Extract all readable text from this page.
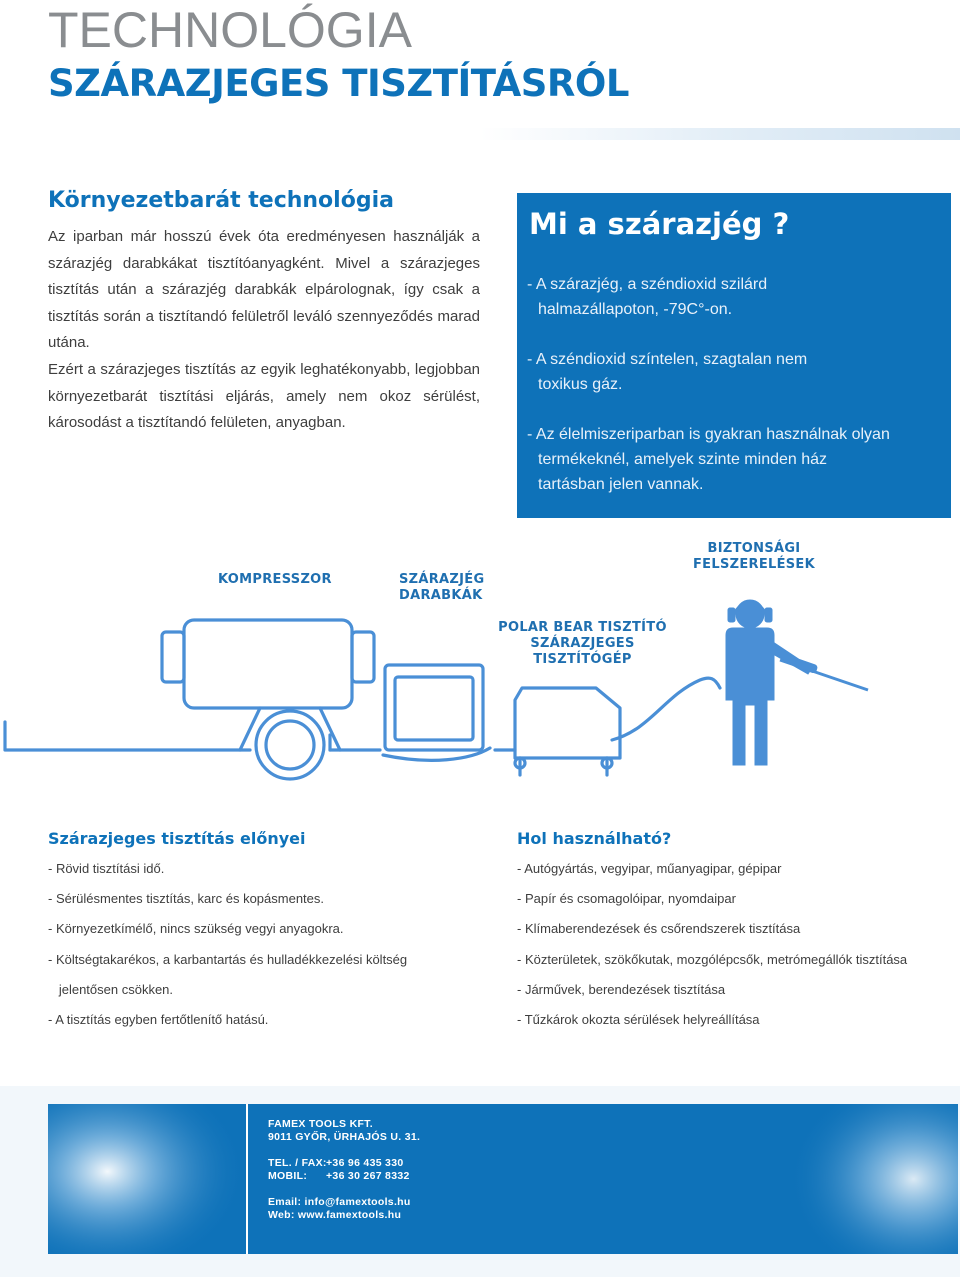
TECHNOLÓGIA
SZÁRAZJEGES TISZTÍTÁSRÓL
Környezetbarát technológia
Az iparban már hosszú évek óta eredményesen használják a szárazjég darabkákat tisztítóanyagként. Mivel a szárazjeges tisztítás után a szárazjég darabkák elpárolognak, így csak a tisztítás során a tisztítandó felületről leváló szennyeződés marad utána.
Ezért a szárazjeges tisztítás az egyik leghatékonyabb, legjobban környezetbarát tisztítási eljárás, amely nem okoz sérülést, károsodást a tisztítandó felületen, anyagban.
Mi a szárazjég ?
- A szárazjég, a széndioxid szilárd
halmazállapoton, -79C°-on.
- A széndioxid színtelen, szagtalan nem
toxikus gáz.
- Az élelmiszeriparban is gyakran használnak olyan
termékeknél, amelyek szinte minden ház
tartásban jelen vannak.
KOMPRESSZOR	SZÁRAZJÉG
DARABKÁK
BIZTONSÁGI
FELSZERELÉSEK
POLAR BEAR TISZTÍTÓ
SZÁRAZJEGES
TISZTÍTÓGÉP
Szárazjeges tisztítás előnyei
- Rövid tisztítási idő.
- Sérülésmentes tisztítás, karc és kopásmentes.
- Környezetkímélő, nincs szükség vegyi anyagokra.
- Költségtakarékos, a karbantartás és hulladékkezelési költség
jelentősen csökken.
- A tisztítás egyben fertőtlenítő hatású.
Hol használható?
- Autógyártás, vegyipar, műanyagipar, gépipar
- Papír és csomagolóipar, nyomdaipar
- Klímaberendezések és csőrendszerek tisztítása
- Közterületek, szökőkutak, mozgólépcsők, metrómegállók tisztítása
- Járművek, berendezések tisztítása
- Tűzkárok okozta sérülések helyreállítása
FAMEX TOOLS KFT.
9011 GYŐR, ÜRHAJÓS U. 31.
TEL. / FAX:+36 96 435 330
MOBIL: +36 30 267 8332
Email: info@famextools.hu
Web: www.famextools.hu
